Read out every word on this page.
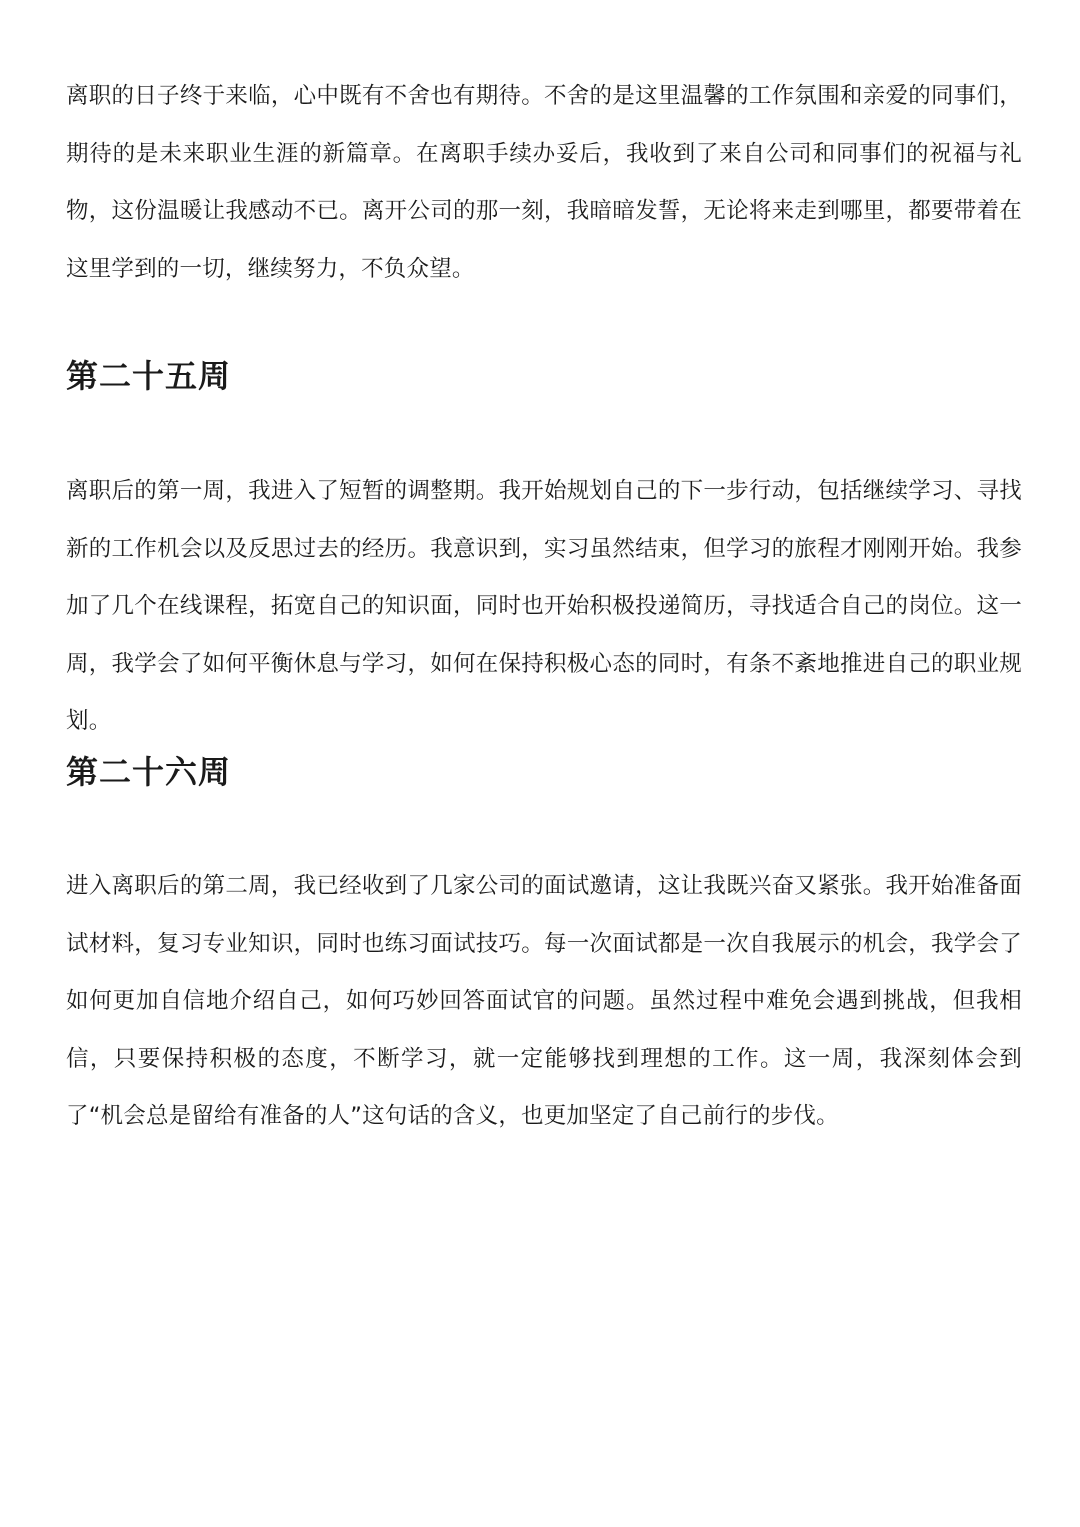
离职的日子终于来临，心中既有不舍也有期待。不舍的是这里温馨的工作氛围和亲爱的同事们，期待的是未来职业生涯的新篇章。在离职手续办妥后，我收到了来自公司和同事们的祝福与礼物，这份温暖让我感动不已。离开公司的那一刻，我暗暗发誓，无论将来走到哪里，都要带着在这里学到的一切，继续努力，不负众望。

第二十五周

离职后的第一周，我进入了短暂的调整期。我开始规划自己的下一步行动，包括继续学习、寻找新的工作机会以及反思过去的经历。我意识到，实习虽然结束，但学习的旅程才刚刚开始。我参加了几个在线课程，拓宽自己的知识面，同时也开始积极投递简历，寻找适合自己的岗位。这一周，我学会了如何平衡休息与学习，如何在保持积极心态的同时，有条不紊地推进自己的职业规划。

第二十六周

进入离职后的第二周，我已经收到了几家公司的面试邀请，这让我既兴奋又紧张。我开始准备面试材料，复习专业知识，同时也练习面试技巧。每一次面试都是一次自我展示的机会，我学会了如何更加自信地介绍自己，如何巧妙回答面试官的问题。虽然过程中难免会遇到挑战，但我相信，只要保持积极的态度，不断学习，就一定能够找到理想的工作。这一周，我深刻体会到了“机会总是留给有准备的人”这句话的含义，也更加坚定了自己前行的步伐。
